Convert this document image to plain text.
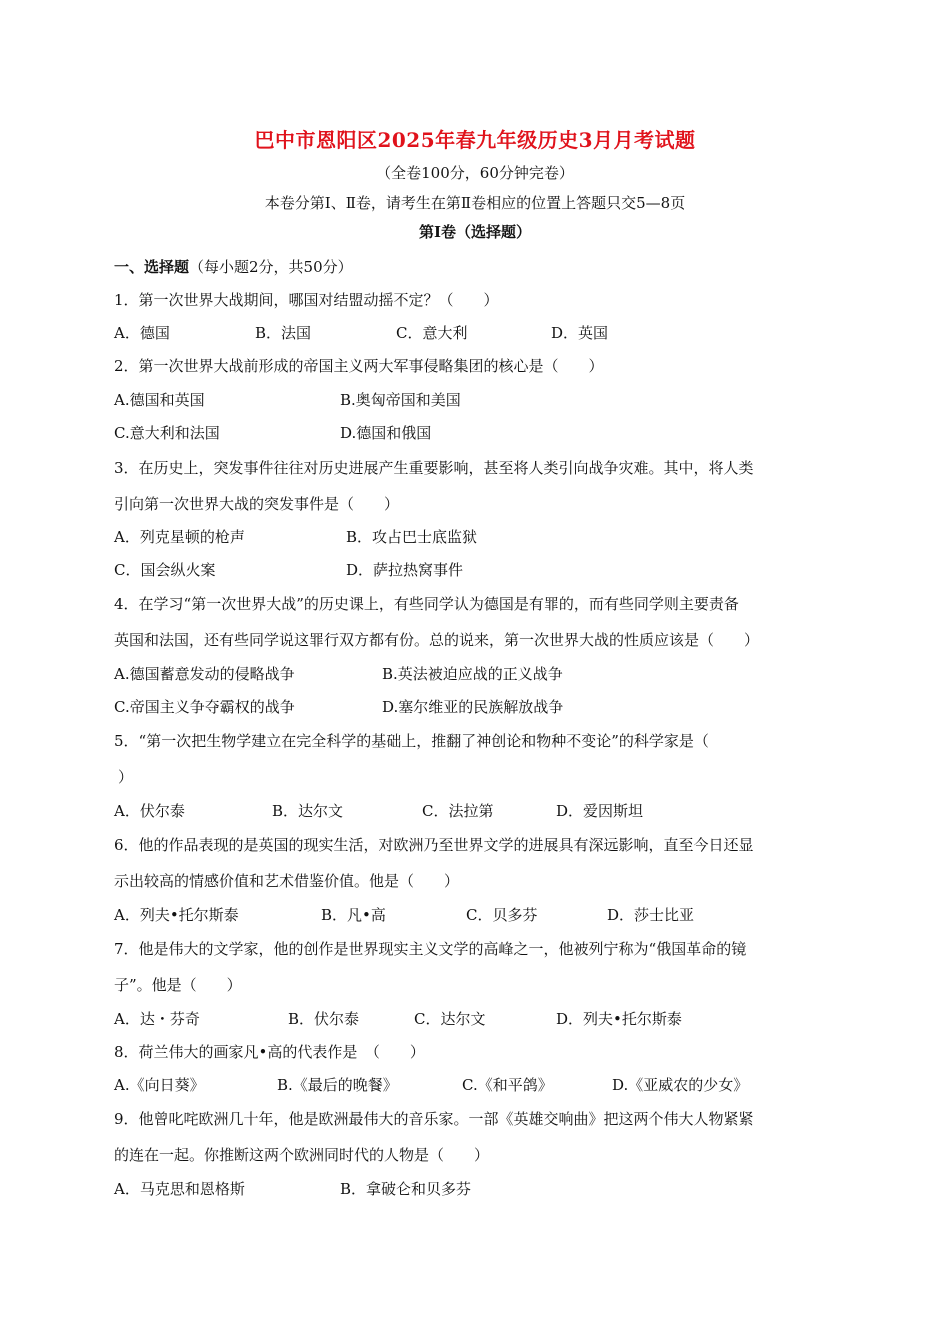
巴中市恩阳区2025年春九年级历史3月月考试题
（全卷100分，60分钟完卷）
本卷分第Ⅰ、Ⅱ卷，请考生在第Ⅱ卷相应的位置上答题只交5—8页
第Ⅰ卷（选择题）
一、选择题（每小题2分，共50分）
1．第一次世界大战期间，哪国对结盟动摇不定？（　　）
A．德国	B．法国	C．意大利	D．英国
2．第一次世界大战前形成的帝国主义两大军事侵略集团的核心是（　　）
A.德国和英国	B.奥匈帝国和美国
C.意大利和法国	D.德国和俄国
3．在历史上，突发事件往往对历史进展产生重要影响，甚至将人类引向战争灾难。其中，将人类
引向第一次世界大战的突发事件是（　　）
A．列克星顿的枪声	B．攻占巴士底监狱
C．国会纵火案	D．萨拉热窝事件
4．在学习“第一次世界大战”的历史课上，有些同学认为德国是有罪的，而有些同学则主要责备
英国和法国，还有些同学说这罪行双方都有份。总的说来，第一次世界大战的性质应该是（　　）
A.德国蓄意发动的侵略战争	B.英法被迫应战的正义战争
C.帝国主义争夺霸权的战争	D.塞尔维亚的民族解放战争
5．“第一次把生物学建立在完全科学的基础上，推翻了神创论和物种不变论”的科学家是（
）
A．伏尔泰	B．达尔文	C．法拉第	D．爱因斯坦
6．他的作品表现的是英国的现实生活，对欧洲乃至世界文学的进展具有深远影响，直至今日还显
示出较高的情感价值和艺术借鉴价值。他是（　　）
A．列夫•托尔斯泰	B．凡•高	C．贝多芬	D．莎士比亚
7．他是伟大的文学家，他的创作是世界现实主义文学的高峰之一，他被列宁称为“俄国革命的镜
子”。他是（　　）
A．达・芬奇	B．伏尔泰	C．达尔文	D．列夫•托尔斯泰
8．荷兰伟大的画家凡•高的代表作是　（　　）
A.《向日葵》	B.《最后的晚餐》	C.《和平鸽》	D.《亚威农的少女》
9．他曾叱咤欧洲几十年，他是欧洲最伟大的音乐家。一部《英雄交响曲》把这两个伟大人物紧紧
的连在一起。你推断这两个欧洲同时代的人物是（　　）
A．马克思和恩格斯	B．拿破仑和贝多芬
